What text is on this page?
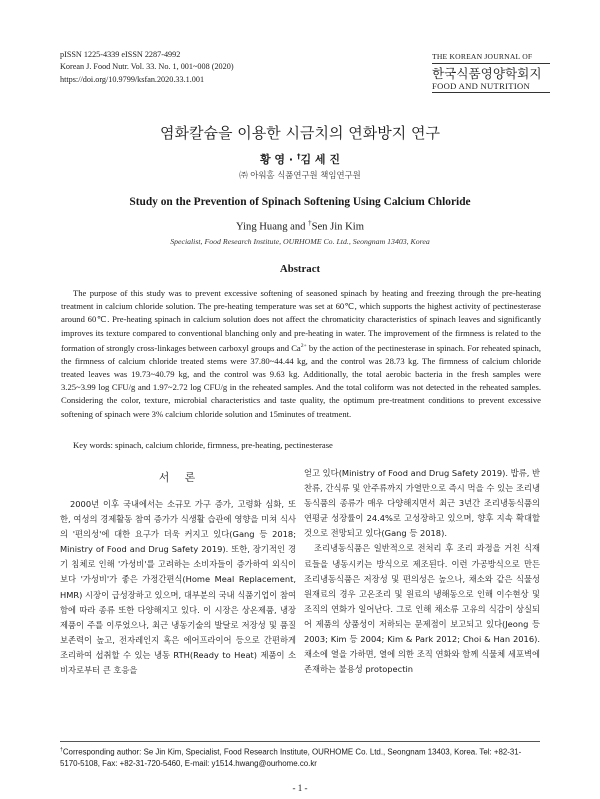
pISSN 1225-4339 eISSN 2287-4992
Korean J. Food Nutr. Vol. 33. No. 1, 001~008 (2020)
https://doi.org/10.9799/ksfan.2020.33.1.001
THE KOREAN JOURNAL OF
한국식품영양학회지
FOOD AND NUTRITION
염화칼슘을 이용한 시금치의 연화방지 연구
황 영 · †김 세 진
㈜ 아워홈 식품연구원 책임연구원
Study on the Prevention of Spinach Softening Using Calcium Chloride
Ying Huang and †Sen Jin Kim
Specialist, Food Research Institute, OURHOME Co. Ltd., Seongnam 13403, Korea
Abstract

The purpose of this study was to prevent excessive softening of seasoned spinach by heating and freezing through the pre-heating treatment in calcium chloride solution. The pre-heating temperature was set at 60℃, which supports the highest activity of pectinesterase around 60℃. Pre-heating spinach in calcium solution does not affect the chromaticity characteristics of spinach leaves and significantly improves its texture compared to conventional blanching only and pre-heating in water. The improvement of the firmness is related to the formation of strongly cross-linkages between carboxyl groups and $Ca^{2+}$ by the action of the pectinesterase in spinach. For reheated spinach, the firmness of calcium chloride treated stems were 37.80~44.44 kg, and the control was 28.73 kg. The firmness of calcium chloride treated leaves was 19.73~40.79 kg, and the control was 9.63 kg. Additionally, the total aerobic bacteria in the fresh samples were 3.25~3.99 log CFU/g and 1.97~2.72 log CFU/g in the reheated samples. And the total coliform was not detected in the reheated samples. Considering the color, texture, microbial characteristics and taste quality, the optimum pre-treatment conditions to prevent excessive softening of spinach were 3% calcium chloride solution and 15minutes of treatment.

Key words: spinach, calcium chloride, firmness, pre-heating, pectinesterase
서 론

2000년 이후 국내에서는 소규모 가구 증가, 고령화 심화, 또한, 여성의 경제활동 참여 증가가 식생활 습관에 영향을 미쳐 식사의 '편의성'에 대한 요구가 더욱 커지고 있다(Gang 등 2018; Ministry of Food and Drug Safety 2019). 또한, 장기적인 경기 침체로 인해 '가성비'를 고려하는 소비자들이 증가하여 외식이 보다 '가성비'가 좋은 가정간편식(Home Meal Replacement, HMR) 시장이 급성장하고 있으며, 대부분의 국내 식품기업이 참여함에 따라 종류 또한 다양해지고 있다. 이 시장은 상온제품, 냉장제품이 주를 이루었으나, 최근 냉동기술의 발달로 저장성 및 품질보존력이 높고, 전자레인지 혹은 에어프라이어 등으로 간편하게 조리하여 섭취할 수 있는 냉동 RTH(Ready to Heat) 제품이 소비자로부터 큰 호응을

얻고 있다(Ministry of Food and Drug Safety 2019). 밥류, 반찬류, 간식류 및 안주류까지 가열만으로 즉시 먹을 수 있는 조리냉동식품의 종류가 매우 다양해지면서 최근 3년간 조리냉동식품의 연평균 성장률이 24.4%로 고성장하고 있으며, 향후 지속 확대할 것으로 전망되고 있다(Gang 등 2018).

조리냉동식품은 일반적으로 전처리 후 조리 과정을 거친 식재료들을 냉동시키는 방식으로 제조된다. 이런 가공방식으로 만든 조리냉동식품은 저장성 및 편의성은 높으나, 채소와 같은 식물성 원재료의 경우 고온조리 및 원료의 냉해동으로 인해 이수현상 및 조직의 연화가 일어난다. 그로 인해 채소류 고유의 식감이 상실되어 제품의 상품성이 저하되는 문제점이 보고되고 있다(Jeong 등 2003; Kim 등 2004; Kim & Park 2012; Choi & Han 2016). 채소에 열을 가하면, 열에 의한 조직 연화와 함께 식물체 세포벽에 존재하는 불용성 protopectin

†Corresponding author: Se Jin Kim, Specialist, Food Research Institute, OURHOME Co. Ltd., Seongnam 13403, Korea. Tel: +82-31-5170-5108, Fax: +82-31-720-5460, E-mail: y1514.hwang@ourhome.co.kr
- 1 -
